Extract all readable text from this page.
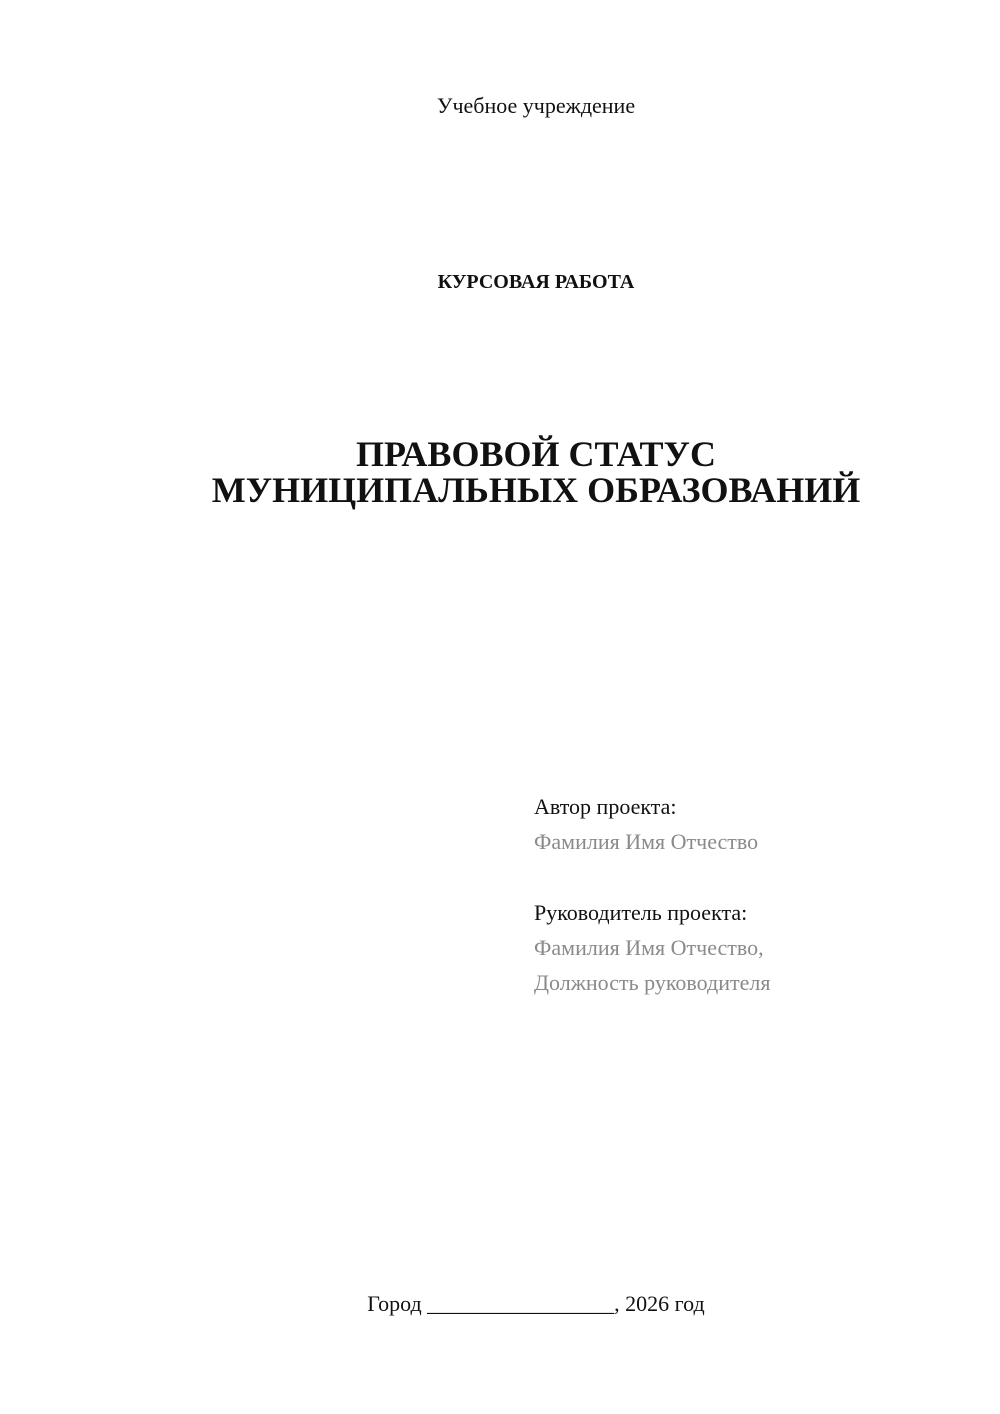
Учебное учреждение
КУРСОВАЯ РАБОТА
ПРАВОВОЙ СТАТУС
МУНИЦИПАЛЬНЫХ ОБРАЗОВАНИЙ
Автор проекта:
Фамилия Имя Отчество
Руководитель проекта:
Фамилия Имя Отчество,
Должность руководителя
Город _________________, 2026 год
